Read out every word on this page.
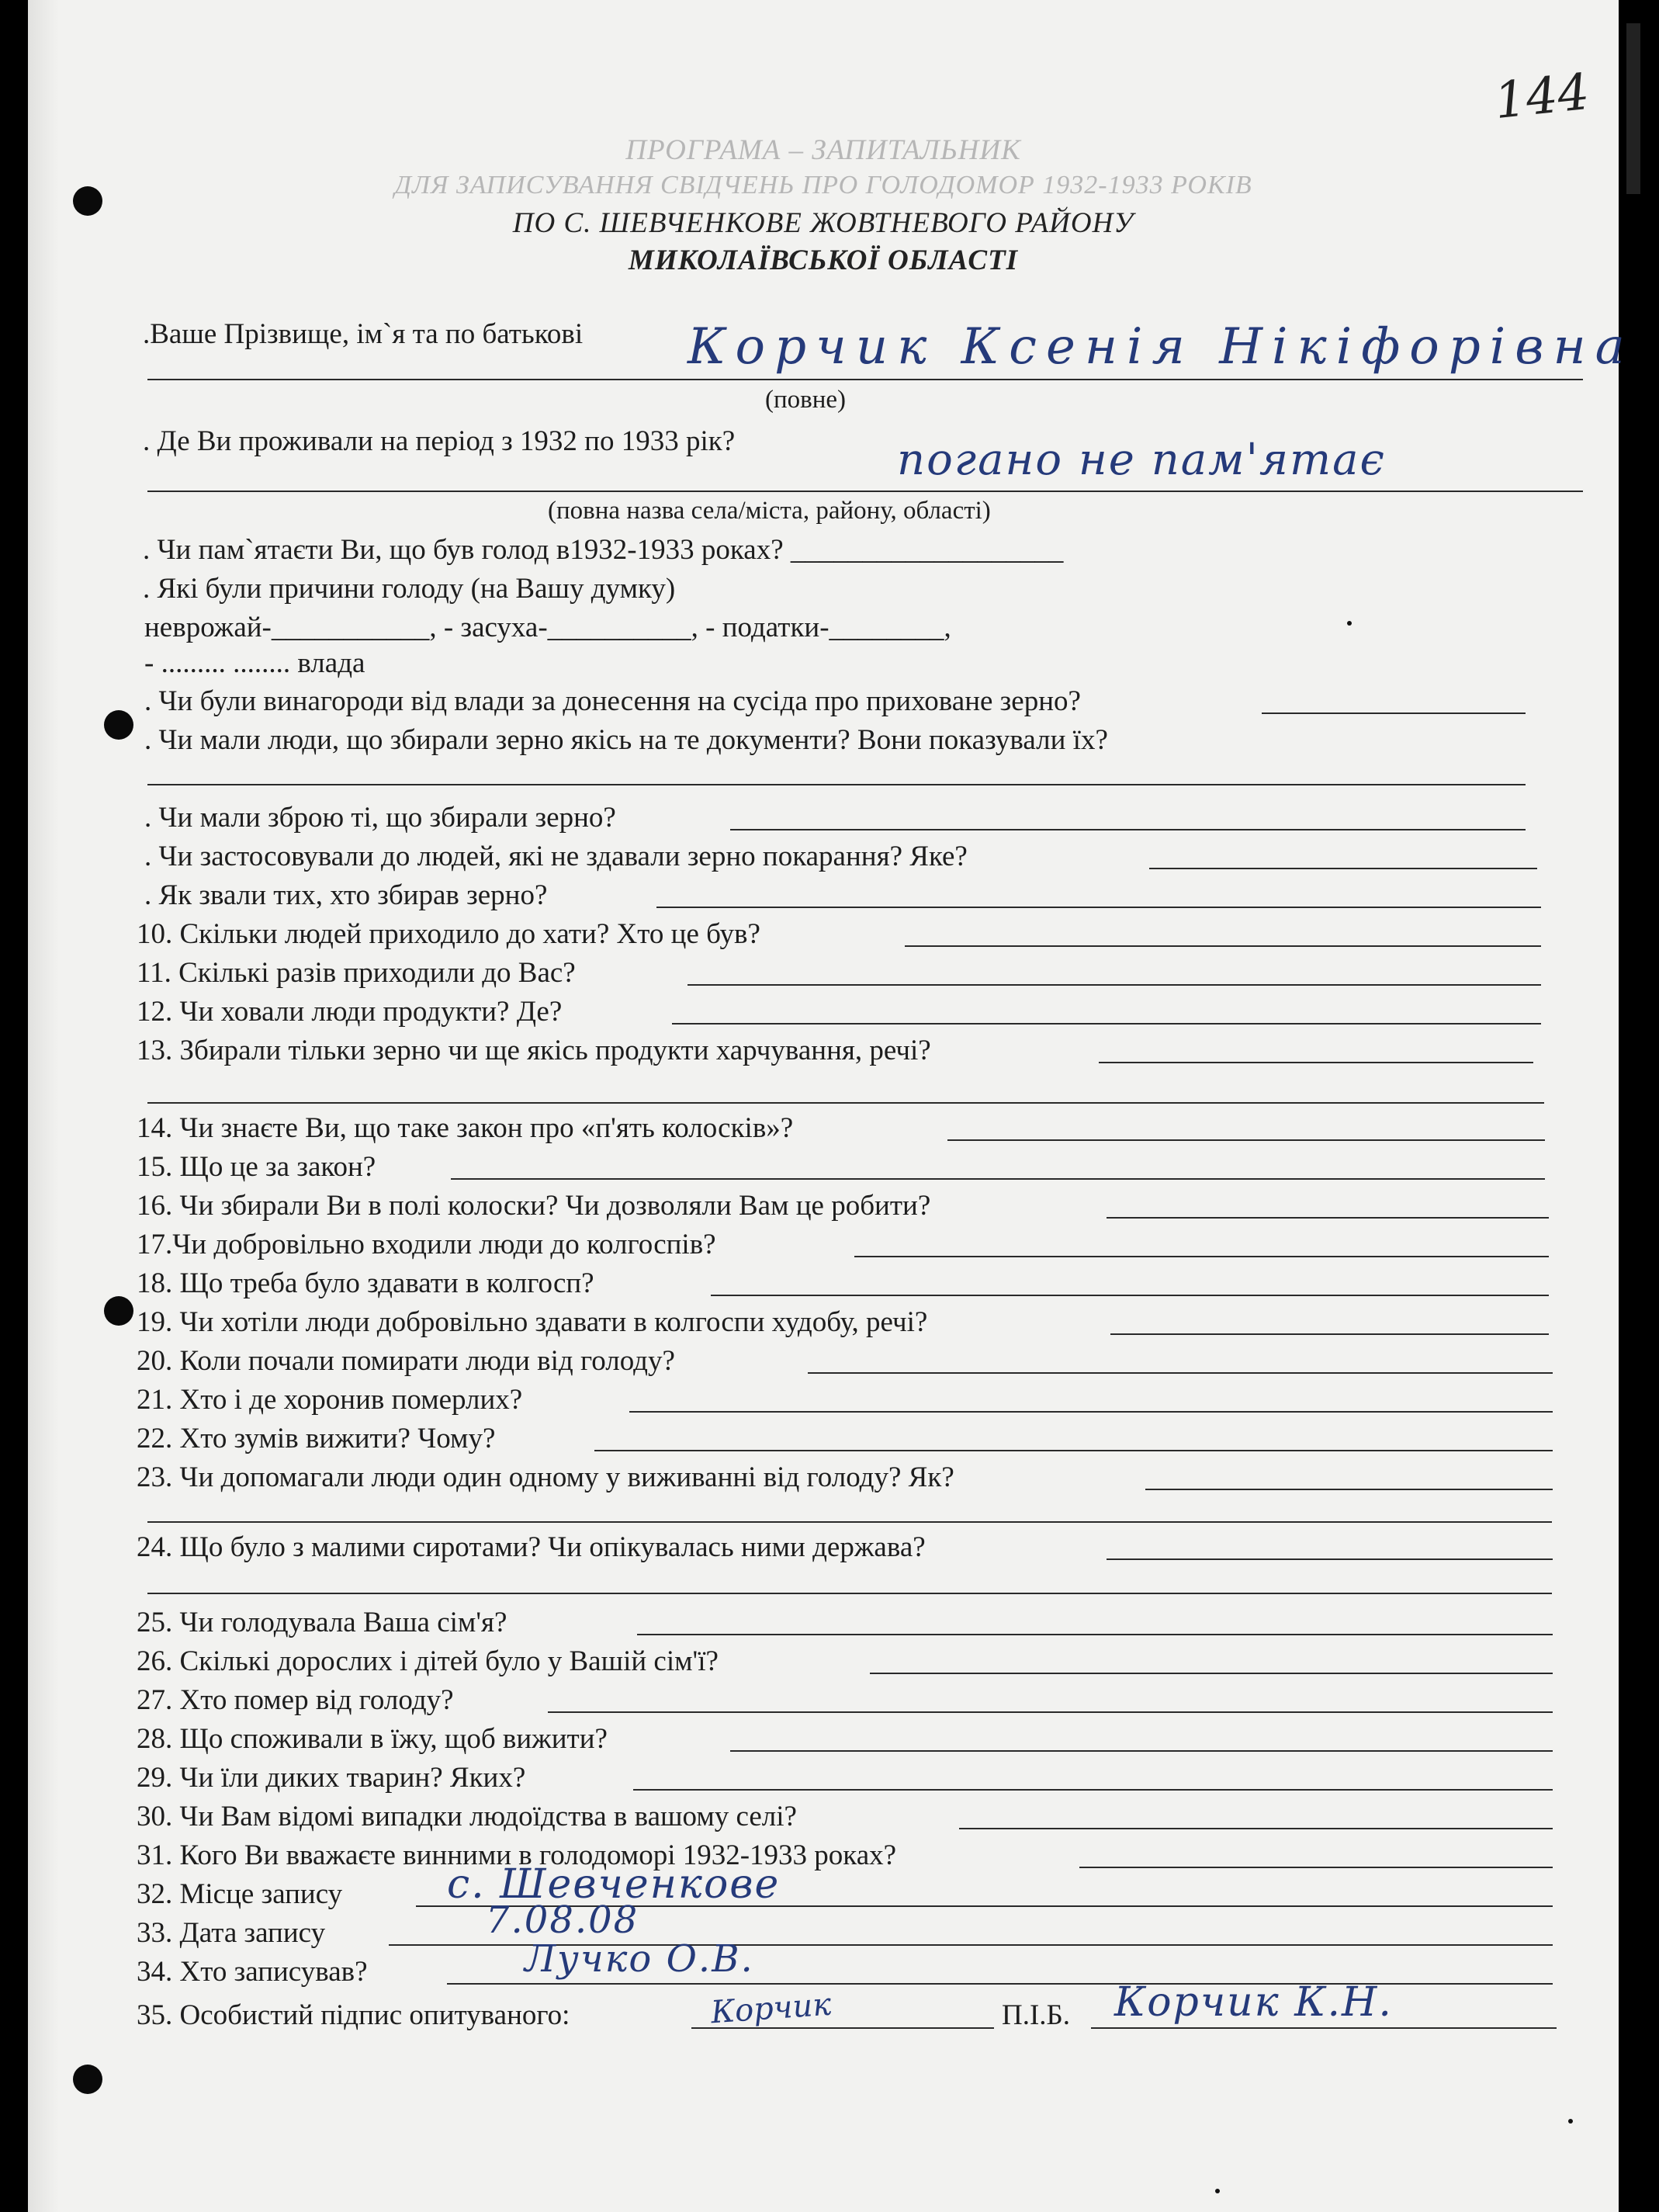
144
ПРОГРАМА – ЗАПИТАЛЬНИК
ДЛЯ ЗАПИСУВАННЯ СВІДЧЕНЬ ПРО ГОЛОДОМОР 1932-1933 РОКІВ
ПО С. ШЕВЧЕНКОВЕ ЖОВТНЕВОГО РАЙОНУ
МИКОЛАЇВСЬКОЇ ОБЛАСТІ
.Ваше Прізвище, ім`я та по батькові Корчик Ксенія Нікіфорівна
(повне)
. Де Ви проживали на період з 1932 по 1933 рік?	погано не пам'ятає
(повна назва села/міста, району, області)
. Чи пам`ятаєти Ви, що був голод в1932-1933 роках? ___________________
. Які були причини голоду (на Вашу думку)
неврожай-___________, - засуха-__________, - податки-________,
- ......... ........ влада
. Чи були винагороди від влади за донесення на сусіда про приховане зерно?
. Чи мали люди, що збирали зерно якісь на те документи? Вони показували їх?
. Чи мали зброю ті, що збирали зерно?
. Чи застосовували до людей, які не здавали зерно покарання? Яке?
. Як звали тих, хто збирав зерно?
10. Скільки людей приходило до хати? Хто це був?
11. Скількі разів приходили до Вас?
12. Чи ховали люди продукти? Де?
13. Збирали тільки зерно чи ще якісь продукти харчування, речі?
14. Чи знаєте Ви, що таке закон про «п'ять колосків»?
15. Що це за закон?
16. Чи збирали Ви в полі колоски? Чи дозволяли Вам це робити?
17.Чи добровільно входили люди до колгоспів?
18. Що треба було здавати в колгосп?
19. Чи хотіли люди добровільно здавати в колгоспи худобу, речі?
20. Коли почали помирати люди від голоду?
21. Хто і де хоронив померлих?
22. Хто зумів вижити? Чому?
23. Чи допомагали люди один одному у виживанні від голоду? Як?
24. Що було з малими сиротами? Чи опікувалась ними держава?
25. Чи голодувала Ваша сім'я?
26. Скількі дорослих і дітей було у Вашій сім'ї?
27. Хто помер від голоду?
28. Що споживали в їжу, щоб вижити?
29. Чи їли диких тварин? Яких?
30. Чи Вам відомі випадки людоїдства в вашому селі?
31. Кого Ви вважаєте винними в голодоморі 1932-1933 роках?
32. Місце запису	с. Шевченкове
33. Дата запису	7.08.08
34. Хто записував?	Лучко О.В.
35. Особистий підпис опитуваного:	Корчик	П.І.Б. Корчик К.Н.
